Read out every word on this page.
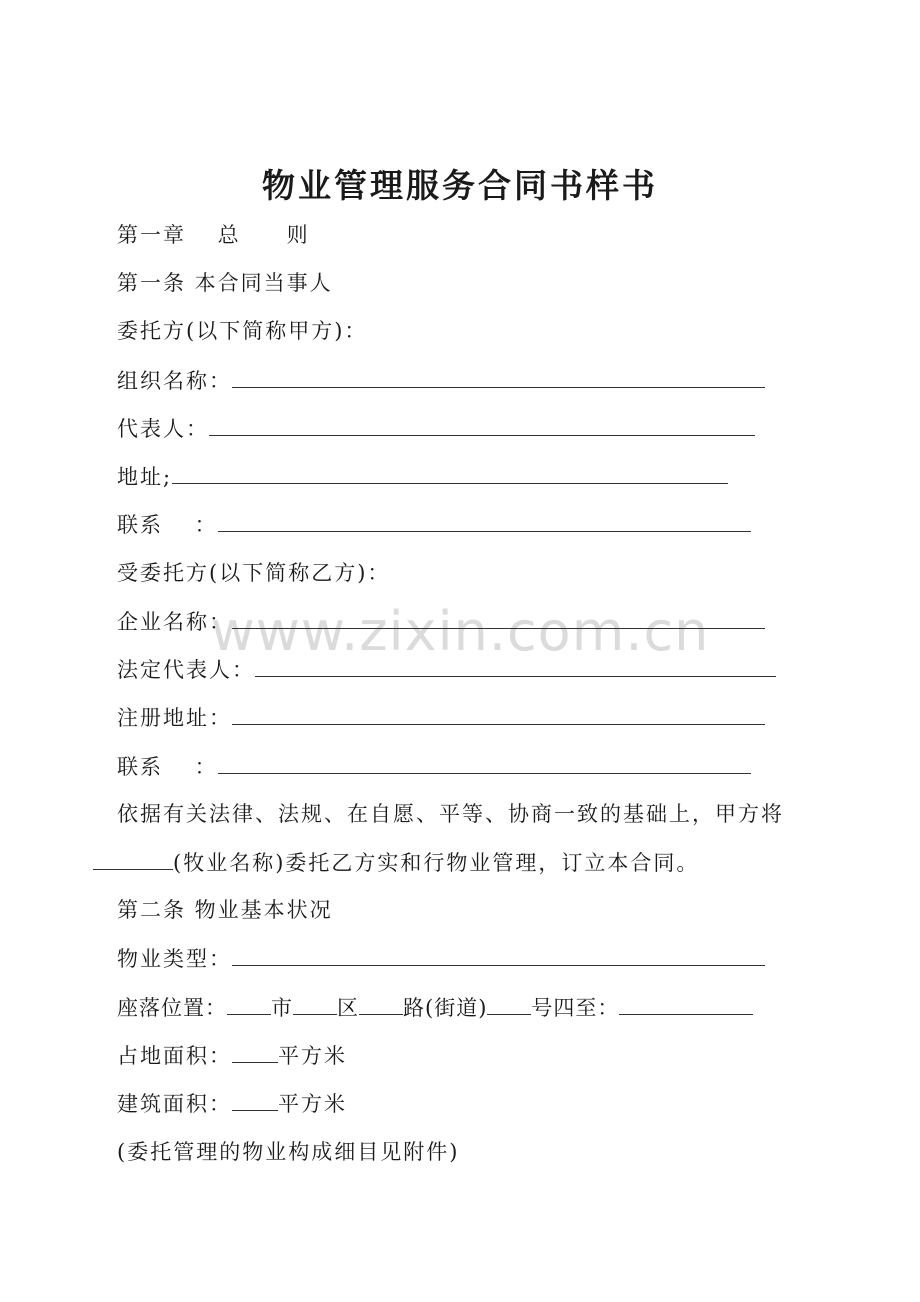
物业管理服务合同书样书
www.zixin.com.cn
第一章　 总　　则
第一条 本合同当事人
委托方(以下简称甲方)：
组织名称：
代表人：
地址;
联系　 ：
受委托方(以下简称乙方)：
企业名称：
法定代表人：
注册地址：
联系　 ：
依据有关法律、法规、在自愿、平等、协商一致的基础上，甲方将
(牧业名称)委托乙方实和行物业管理，订立本合同。
第二条 物业基本状况
物业类型：
座落位置： 市 区 路(街道) 号四至：
占地面积： 平方米
建筑面积： 平方米
(委托管理的物业构成细目见附件)
